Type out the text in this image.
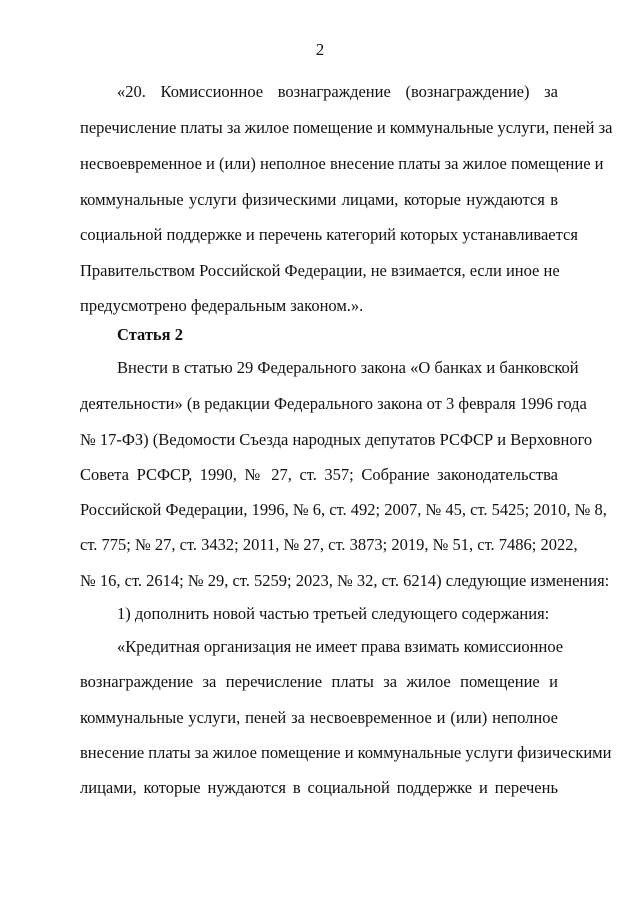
2
«20. Комиссионное вознаграждение (вознаграждение) за
перечисление платы за жилое помещение и коммунальные услуги, пеней за
несвоевременное и (или) неполное внесение платы за жилое помещение и
коммунальные услуги физическими лицами, которые нуждаются в
социальной поддержке и перечень категорий которых устанавливается
Правительством Российской Федерации, не взимается, если иное не
предусмотрено федеральным законом.».
Статья 2
Внести в статью 29 Федерального закона «О банках и банковской
деятельности» (в редакции Федерального закона от 3 февраля 1996 года
№ 17-ФЗ) (Ведомости Съезда народных депутатов РСФСР и Верховного
Совета РСФСР, 1990, № 27, ст. 357; Собрание законодательства
Российской Федерации, 1996, № 6, ст. 492; 2007, № 45, ст. 5425; 2010, № 8,
ст. 775; № 27, ст. 3432; 2011, № 27, ст. 3873; 2019, № 51, ст. 7486; 2022,
№ 16, ст. 2614; № 29, ст. 5259; 2023, № 32, ст. 6214) следующие изменения:
1) дополнить новой частью третьей следующего содержания:
«Кредитная организация не имеет права взимать комиссионное
вознаграждение за перечисление платы за жилое помещение и
коммунальные услуги, пеней за несвоевременное и (или) неполное
внесение платы за жилое помещение и коммунальные услуги физическими
лицами, которые нуждаются в социальной поддержке и перечень
